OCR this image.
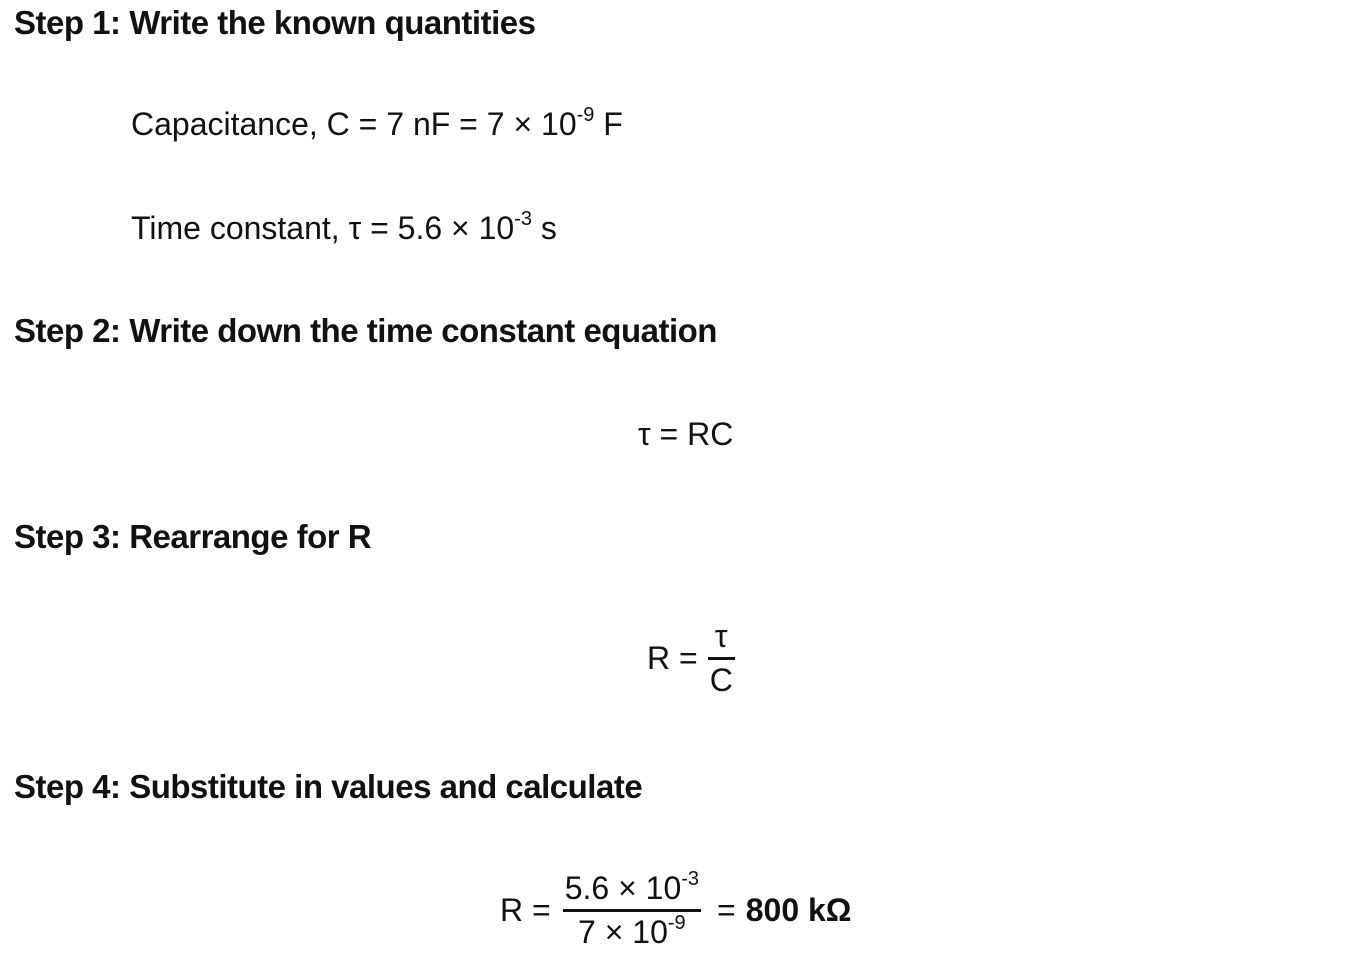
Step 1: Write the known quantities
Capacitance, C = 7 nF = $7 \times 10^{-9}$ F
Time constant, $\tau = 5.6 \times 10^{-3}$ s
Step 2: Write down the time constant equation
τ = RC
Step 3: Rearrange for R
$R = \frac{\tau}{C}$
Step 4: Substitute in values and calculate
$R = \frac{5.6 \times 10^{-3}}{7 \times 10^{-9}} = 800$ kΩ
